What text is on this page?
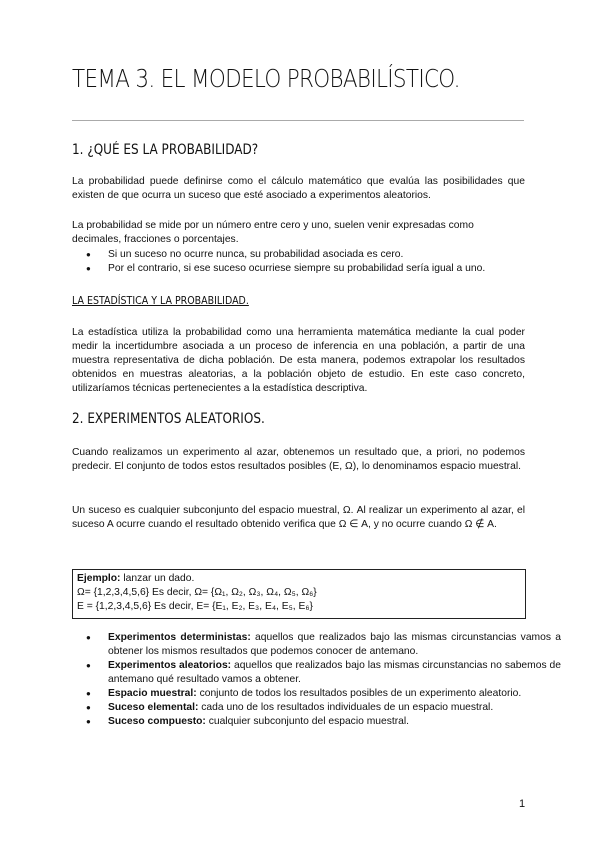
TEMA 3. EL MODELO PROBABILÍSTICO.
1. ¿QUÉ ES LA PROBABILIDAD?

La probabilidad puede definirse como el cálculo matemático que evalúa las posibilidades que existen de que ocurra un suceso que esté asociado a experimentos aleatorios.

La probabilidad se mide por un número entre cero y uno, suelen venir expresadas como decimales, fracciones o porcentajes.

● Si un suceso no ocurre nunca, su probabilidad asociada es cero.
● Por el contrario, si ese suceso ocurriese siempre su probabilidad sería igual a uno.
LA ESTADÍSTICA Y LA PROBABILIDAD.

La estadística utiliza la probabilidad como una herramienta matemática mediante la cual poder medir la incertidumbre asociada a un proceso de inferencia en una población, a partir de una muestra representativa de dicha población. De esta manera, podemos extrapolar los resultados obtenidos en muestras aleatorias, a la población objeto de estudio. En este caso concreto, utilizaríamos técnicas pertenecientes a la estadística descriptiva.

2. EXPERIMENTOS ALEATORIOS.

Cuando realizamos un experimento al azar, obtenemos un resultado que, a priori, no podemos predecir. El conjunto de todos estos resultados posibles (E, Ω), lo denominamos espacio muestral.

Un suceso es cualquier subconjunto del espacio muestral, Ω. Al realizar un experimento al azar, el suceso A ocurre cuando el resultado obtenido verifica que Ω ∈ A, y no ocurre cuando Ω ∉ A.

Ejemplo: lanzar un dado.
Ω= {1,2,3,4,5,6} Es decir, Ω= {Ω₁, Ω₂, Ω₃, Ω₄, Ω₅, Ω₆}
E = {1,2,3,4,5,6} Es decir, E= {E₁, E₂, E₃, E₄, E₅, E₆}
● Experimentos deterministas: aquellos que realizados bajo las mismas circunstancias vamos a obtener los mismos resultados que podemos conocer de antemano.
● Experimentos aleatorios: aquellos que realizados bajo las mismas circunstancias no sabemos de antemano qué resultado vamos a obtener.
● Espacio muestral: conjunto de todos los resultados posibles de un experimento aleatorio.
● Suceso elemental: cada uno de los resultados individuales de un espacio muestral.
● Suceso compuesto: cualquier subconjunto del espacio muestral.
1
